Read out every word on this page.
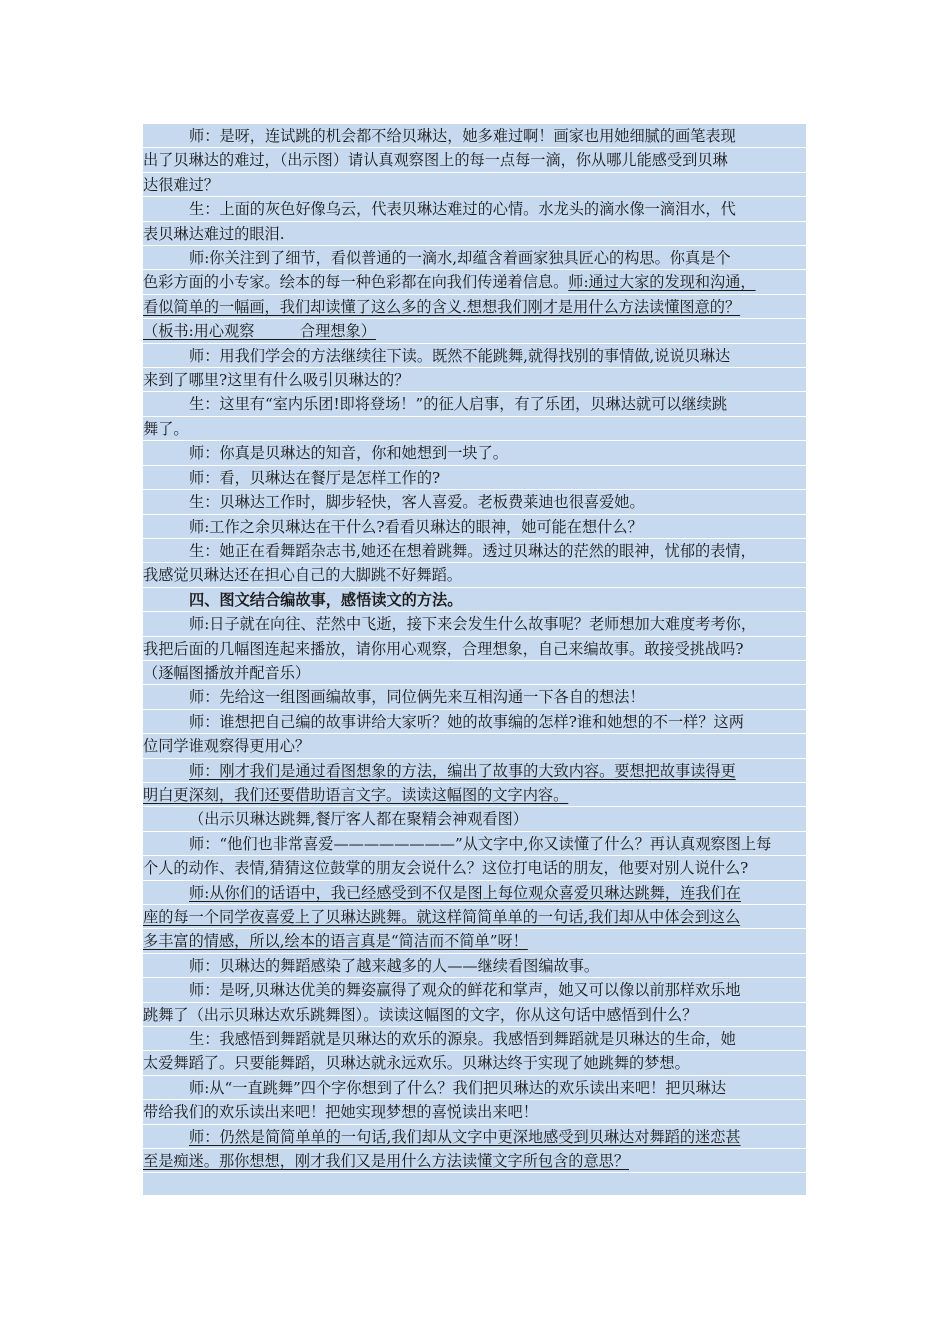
师：是呀，连试跳的机会都不给贝琳达，她多难过啊！画家也用她细腻的画笔表现
出了贝琳达的难过，（出示图）请认真观察图上的每一点每一滴，你从哪儿能感受到贝琳
达很难过？
生：上面的灰色好像乌云，代表贝琳达难过的心情。水龙头的滴水像一滴泪水，代
表贝琳达难过的眼泪.
师:你关注到了细节，看似普通的一滴水,却蕴含着画家独具匠心的构思。你真是个
色彩方面的小专家。绘本的每一种色彩都在向我们传递着信息。师:通过大家的发现和沟通，
看似简单的一幅画，我们却读懂了这么多的含义.想想我们刚才是用什么方法读懂图意的？
（板书:用心观察　　　合理想象）
师：用我们学会的方法继续往下读。既然不能跳舞,就得找别的事情做,说说贝琳达
来到了哪里?这里有什么吸引贝琳达的？
生：这里有“室内乐团!即将登场！”的征人启事，有了乐团，贝琳达就可以继续跳
舞了。
师：你真是贝琳达的知音，你和她想到一块了。
师：看，贝琳达在餐厅是怎样工作的?
生：贝琳达工作时，脚步轻快，客人喜爱。老板费莱迪也很喜爱她。
师:工作之余贝琳达在干什么?看看贝琳达的眼神，她可能在想什么？
生：她正在看舞蹈杂志书,她还在想着跳舞。透过贝琳达的茫然的眼神，忧郁的表情，
我感觉贝琳达还在担心自己的大脚跳不好舞蹈。
四、图文结合编故事，感悟读文的方法。
师:日子就在向往、茫然中飞逝，接下来会发生什么故事呢？老师想加大难度考考你，
我把后面的几幅图连起来播放，请你用心观察，合理想象，自己来编故事。敢接受挑战吗?
（逐幅图播放并配音乐）
师：先给这一组图画编故事，同位俩先来互相沟通一下各自的想法！
师：谁想把自己编的故事讲给大家听？她的故事编的怎样?谁和她想的不一样？这两
位同学谁观察得更用心？
师：刚才我们是通过看图想象的方法，编出了故事的大致内容。要想把故事读得更
明白更深刻，我们还要借助语言文字。读读这幅图的文字内容。
（出示贝琳达跳舞,餐厅客人都在聚精会神观看图）
师：“他们也非常喜爱————————”从文字中,你又读懂了什么？再认真观察图上每
个人的动作、表情,猜猜这位鼓掌的朋友会说什么？这位打电话的朋友，他要对别人说什么?
师:从你们的话语中，我已经感受到不仅是图上每位观众喜爱贝琳达跳舞，连我们在
座的每一个同学夜喜爱上了贝琳达跳舞。就这样简简单单的一句话,我们却从中体会到这么
多丰富的情感，所以,绘本的语言真是“简洁而不简单”呀！
师：贝琳达的舞蹈感染了越来越多的人——继续看图编故事。
师：是呀,贝琳达优美的舞姿赢得了观众的鲜花和掌声，她又可以像以前那样欢乐地
跳舞了（出示贝琳达欢乐跳舞图）。读读这幅图的文字，你从这句话中感悟到什么？
生：我感悟到舞蹈就是贝琳达的欢乐的源泉。我感悟到舞蹈就是贝琳达的生命，她
太爱舞蹈了。只要能舞蹈，贝琳达就永远欢乐。贝琳达终于实现了她跳舞的梦想。
师:从“一直跳舞”四个字你想到了什么？我们把贝琳达的欢乐读出来吧！把贝琳达
带给我们的欢乐读出来吧！把她实现梦想的喜悦读出来吧！
师：仍然是简简单单的一句话,我们却从文字中更深地感受到贝琳达对舞蹈的迷恋甚
至是痴迷。那你想想，刚才我们又是用什么方法读懂文字所包含的意思？
